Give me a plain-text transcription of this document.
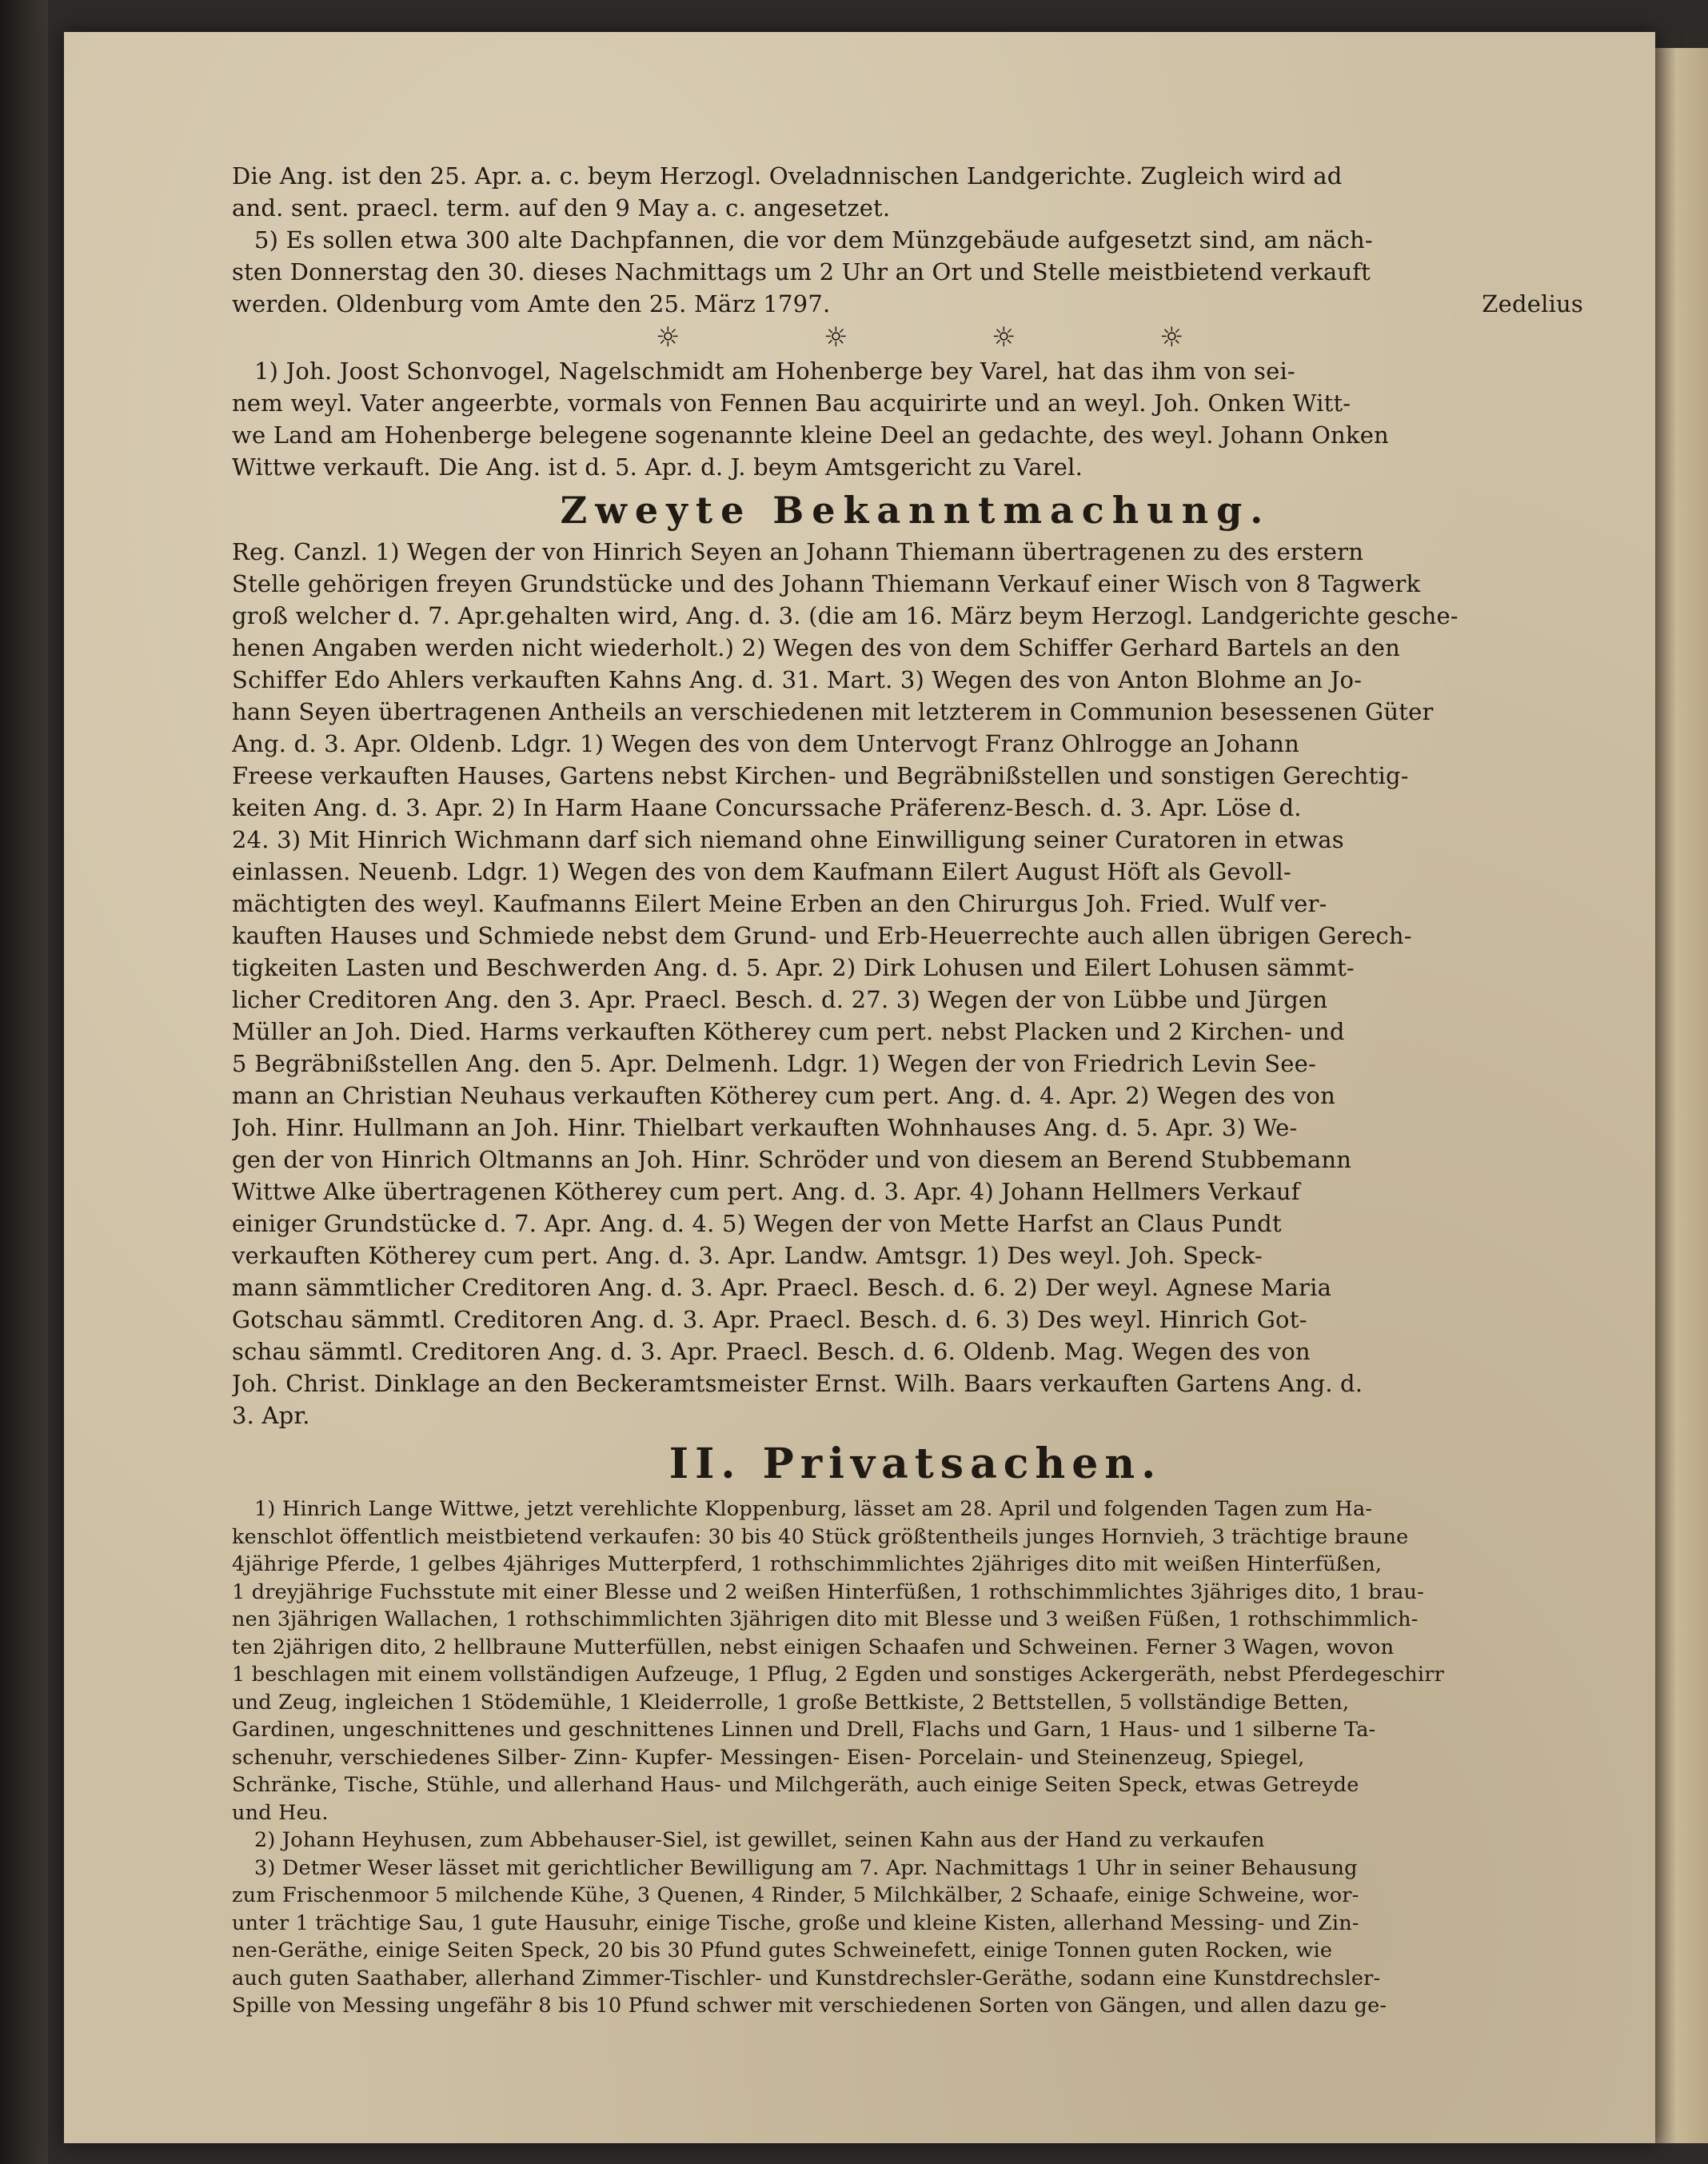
Die Ang. ist den 25. Apr. a. c. beym Herzogl. Oveladnnischen Landgerichte. Zugleich wird ad
and. sent. praecl. term. auf den 9 May a. c. angesetzet.
5) Es sollen etwa 300 alte Dachpfannen, die vor dem Münzgebäude aufgesetzt sind, am näch-
sten Donnerstag den 30. dieses Nachmittags um 2 Uhr an Ort und Stelle meistbietend verkauft
werden. Oldenburg vom Amte den 25. März 1797.	Zedelius
☼	☼	☼	☼
1) Joh. Joost Schonvogel, Nagelschmidt am Hohenberge bey Varel, hat das ihm von sei-
nem weyl. Vater angeerbte, vormals von Fennen Bau acquirirte und an weyl. Joh. Onken Witt-
we Land am Hohenberge belegene sogenannte kleine Deel an gedachte, des weyl. Johann Onken
Wittwe verkauft. Die Ang. ist d. 5. Apr. d. J. beym Amtsgericht zu Varel.
Zweyte Bekanntmachung.
Reg. Canzl. 1) Wegen der von Hinrich Seyen an Johann Thiemann übertragenen zu des erstern
Stelle gehörigen freyen Grundstücke und des Johann Thiemann Verkauf einer Wisch von 8 Tagwerk
groß welcher d. 7. Apr.gehalten wird, Ang. d. 3. (die am 16. März beym Herzogl. Landgerichte gesche-
henen Angaben werden nicht wiederholt.) 2) Wegen des von dem Schiffer Gerhard Bartels an den
Schiffer Edo Ahlers verkauften Kahns Ang. d. 31. Mart. 3) Wegen des von Anton Blohme an Jo-
hann Seyen übertragenen Antheils an verschiedenen mit letzterem in Communion besessenen Güter
Ang. d. 3. Apr. Oldenb. Ldgr. 1) Wegen des von dem Untervogt Franz Ohlrogge an Johann
Freese verkauften Hauses, Gartens nebst Kirchen- und Begräbnißstellen und sonstigen Gerechtig-
keiten Ang. d. 3. Apr. 2) In Harm Haane Concurssache Präferenz-Besch. d. 3. Apr. Löse d.
24. 3) Mit Hinrich Wichmann darf sich niemand ohne Einwilligung seiner Curatoren in etwas
einlassen. Neuenb. Ldgr. 1) Wegen des von dem Kaufmann Eilert August Höft als Gevoll-
mächtigten des weyl. Kaufmanns Eilert Meine Erben an den Chirurgus Joh. Fried. Wulf ver-
kauften Hauses und Schmiede nebst dem Grund- und Erb-Heuerrechte auch allen übrigen Gerech-
tigkeiten Lasten und Beschwerden Ang. d. 5. Apr. 2) Dirk Lohusen und Eilert Lohusen sämmt-
licher Creditoren Ang. den 3. Apr. Praecl. Besch. d. 27. 3) Wegen der von Lübbe und Jürgen
Müller an Joh. Died. Harms verkauften Kötherey cum pert. nebst Placken und 2 Kirchen- und
5 Begräbnißstellen Ang. den 5. Apr. Delmenh. Ldgr. 1) Wegen der von Friedrich Levin See-
mann an Christian Neuhaus verkauften Kötherey cum pert. Ang. d. 4. Apr. 2) Wegen des von
Joh. Hinr. Hullmann an Joh. Hinr. Thielbart verkauften Wohnhauses Ang. d. 5. Apr. 3) We-
gen der von Hinrich Oltmanns an Joh. Hinr. Schröder und von diesem an Berend Stubbemann
Wittwe Alke übertragenen Kötherey cum pert. Ang. d. 3. Apr. 4) Johann Hellmers Verkauf
einiger Grundstücke d. 7. Apr. Ang. d. 4. 5) Wegen der von Mette Harfst an Claus Pundt
verkauften Kötherey cum pert. Ang. d. 3. Apr. Landw. Amtsgr. 1) Des weyl. Joh. Speck-
mann sämmtlicher Creditoren Ang. d. 3. Apr. Praecl. Besch. d. 6. 2) Der weyl. Agnese Maria
Gotschau sämmtl. Creditoren Ang. d. 3. Apr. Praecl. Besch. d. 6. 3) Des weyl. Hinrich Got-
schau sämmtl. Creditoren Ang. d. 3. Apr. Praecl. Besch. d. 6. Oldenb. Mag. Wegen des von
Joh. Christ. Dinklage an den Beckeramtsmeister Ernst. Wilh. Baars verkauften Gartens Ang. d.
3. Apr.
II. Privatsachen.
1) Hinrich Lange Wittwe, jetzt verehlichte Kloppenburg, lässet am 28. April und folgenden Tagen zum Ha-
kenschlot öffentlich meistbietend verkaufen: 30 bis 40 Stück größtentheils junges Hornvieh, 3 trächtige braune
4jährige Pferde, 1 gelbes 4jähriges Mutterpferd, 1 rothschimmlichtes 2jähriges dito mit weißen Hinterfüßen,
1 dreyjährige Fuchsstute mit einer Blesse und 2 weißen Hinterfüßen, 1 rothschimmlichtes 3jähriges dito, 1 brau-
nen 3jährigen Wallachen, 1 rothschimmlichten 3jährigen dito mit Blesse und 3 weißen Füßen, 1 rothschimmlich-
ten 2jährigen dito, 2 hellbraune Mutterfüllen, nebst einigen Schaafen und Schweinen. Ferner 3 Wagen, wovon
1 beschlagen mit einem vollständigen Aufzeuge, 1 Pflug, 2 Egden und sonstiges Ackergeräth, nebst Pferdegeschirr
und Zeug, ingleichen 1 Stödemühle, 1 Kleiderrolle, 1 große Bettkiste, 2 Bettstellen, 5 vollständige Betten,
Gardinen, ungeschnittenes und geschnittenes Linnen und Drell, Flachs und Garn, 1 Haus- und 1 silberne Ta-
schenuhr, verschiedenes Silber- Zinn- Kupfer- Messingen- Eisen- Porcelain- und Steinenzeug, Spiegel,
Schränke, Tische, Stühle, und allerhand Haus- und Milchgeräth, auch einige Seiten Speck, etwas Getreyde
und Heu.
2) Johann Heyhusen, zum Abbehauser-Siel, ist gewillet, seinen Kahn aus der Hand zu verkaufen
3) Detmer Weser lässet mit gerichtlicher Bewilligung am 7. Apr. Nachmittags 1 Uhr in seiner Behausung
zum Frischenmoor 5 milchende Kühe, 3 Quenen, 4 Rinder, 5 Milchkälber, 2 Schaafe, einige Schweine, wor-
unter 1 trächtige Sau, 1 gute Hausuhr, einige Tische, große und kleine Kisten, allerhand Messing- und Zin-
nen-Geräthe, einige Seiten Speck, 20 bis 30 Pfund gutes Schweinefett, einige Tonnen guten Rocken, wie
auch guten Saathaber, allerhand Zimmer-Tischler- und Kunstdrechsler-Geräthe, sodann eine Kunstdrechsler-
Spille von Messing ungefähr 8 bis 10 Pfund schwer mit verschiedenen Sorten von Gängen, und allen dazu ge-
